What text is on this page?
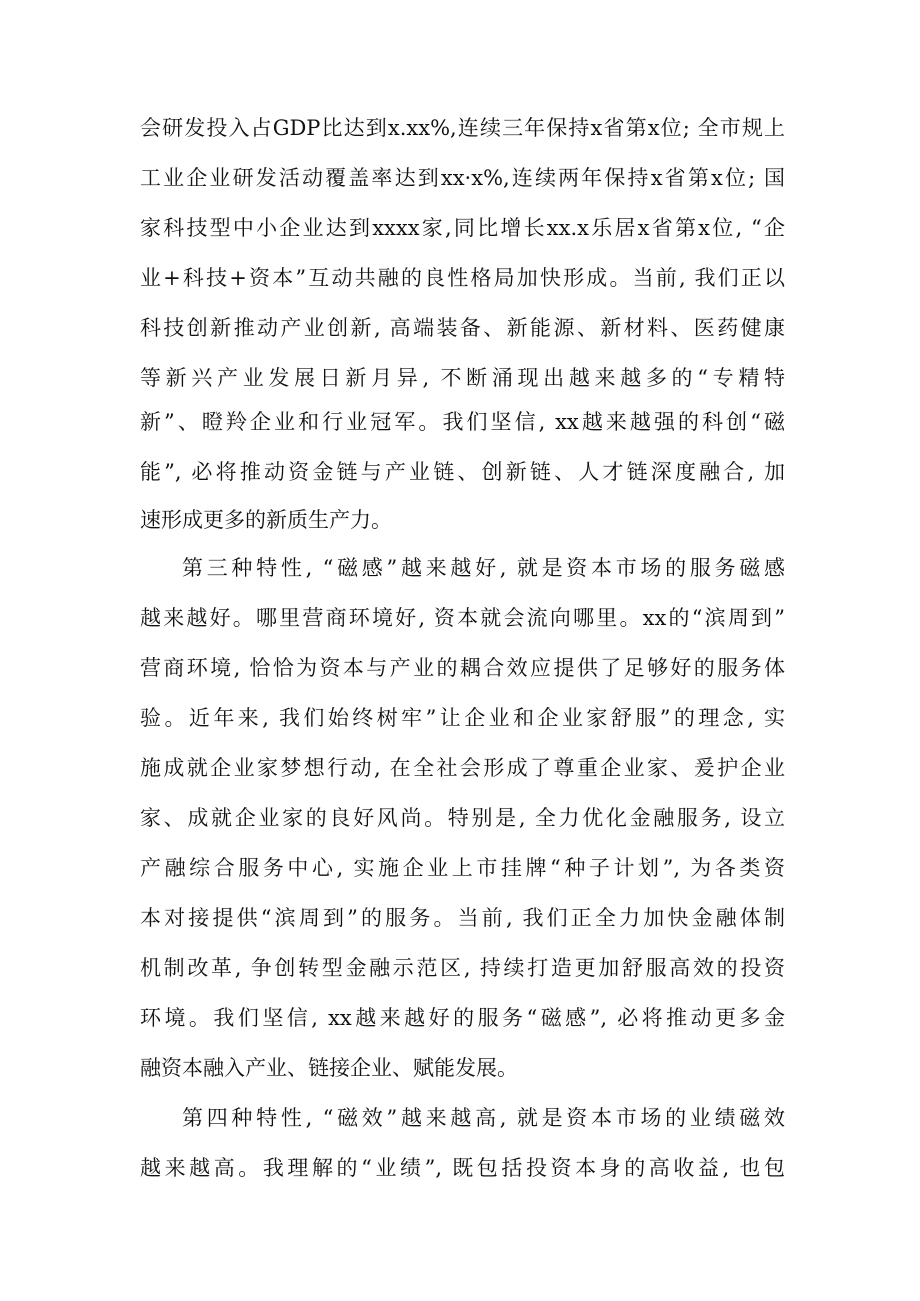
会研发投入占GDP比达到x.xx%,连续三年保持x省第x位; 全市规上
工业企业研发活动覆盖率达到xx·x%,连续两年保持x省第x位; 国
家科技型中小企业达到xxxx家,同比增长xx.x乐居x省第x位, “企
业+科技+资本”互动共融的良性格局加快形成。当前, 我们正以
科技创新推动产业创新, 高端装备、新能源、新材料、医药健康
等新兴产业发展日新月异, 不断涌现出越来越多的“专精特
新”、瞪羚企业和行业冠军。我们坚信, xx越来越强的科创“磁
能”, 必将推动资金链与产业链、创新链、人才链深度融合, 加
速形成更多的新质生产力。
第三种特性, “磁感”越来越好, 就是资本市场的服务磁感
越来越好。哪里营商环境好, 资本就会流向哪里。xx的“滨周到”
营商环境, 恰恰为资本与产业的耦合效应提供了足够好的服务体
验。近年来, 我们始终树牢”让企业和企业家舒服”的理念, 实
施成就企业家梦想行动, 在全社会形成了尊重企业家、爰护企业
家、成就企业家的良好风尚。特别是, 全力优化金融服务, 设立
产融综合服务中心, 实施企业上市挂牌“种子计划”, 为各类资
本对接提供“滨周到”的服务。当前, 我们正全力加快金融体制
机制改革, 争创转型金融示范区, 持续打造更加舒服高效的投资
环境。我们坚信, xx越来越好的服务“磁感”, 必将推动更多金
融资本融入产业、链接企业、赋能发展。
第四种特性, “磁效”越来越高, 就是资本市场的业绩磁效
越来越高。我理解的“业绩”, 既包括投资本身的高收益, 也包
